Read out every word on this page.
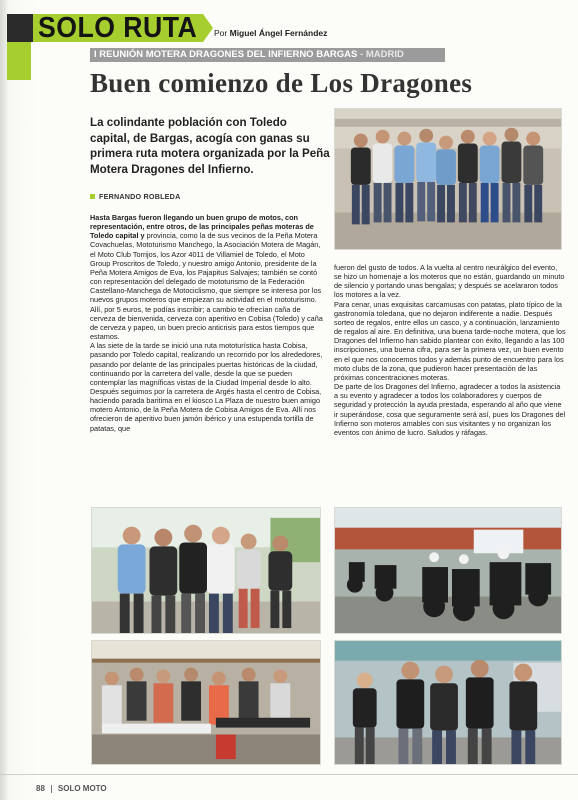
SOLO RUTA Por Miguel Ángel Fernández
I REUNIÓN MOTERA DRAGONES DEL INFIERNO BARGAS - MADRID
Buen comienzo de Los Dragones
La colindante población con Toledo capital, de Bargas, acogía con ganas su primera ruta motera organizada por la Peña Motera Dragones del Infierno.
FERNANDO ROBLEDA

Hasta Bargas fueron llegando un buen grupo de motos, con representación, entre otros, de las principales peñas moteras de Toledo capital y provincia, como la de sus vecinos de la Peña Motera Covachuelas, Mototurismo Manchego, la Asociación Motera de Magán, el Moto Club Torrijos, los Azor 4011 de Villamiel de Toledo, el Moto Group Proscritos de Toledo, y nuestro amigo Antonio, presidente de la Peña Motera Amigos de Eva, los Pajapitus Salvajes; también se contó con representación del delegado de mototurismo de la Federación Castellano-Manchega de Motociclismo, que siempre se interesa por los nuevos grupos moteros que empiezan su actividad en el mototurismo.

Allí, por 5 euros, te podías inscribir; a cambio te ofrecían caña de cerveza de bienvenida, cerveza con aperitivo en Cobisa (Toledo) y caña de cerveza y papeo, un buen precio anticrisis para estos tiempos que estamos.

A las siete de la tarde se inició una ruta mototurística hasta Cobisa, pasando por Toledo capital, realizando un recorrido por los alrededores, pasando por delante de las principales puertas históricas de la ciudad, continuando por la carretera del valle, desde la que se pueden contemplar las magníficas vistas de la Ciudad Imperial desde lo alto. Después seguimos por la carretera de Argés hasta el centro de Cobisa, haciendo parada baritima en el kiosco La Plaza de nuestro buen amigo motero Antonio, de la Peña Motera de Cobisa Amigos de Eva. Allí nos ofrecieron de aperitivo buen jamón ibérico y una estupenda tortilla de patatas, que

fueron del gusto de todos. A la vuelta al centro neurálgico del evento, se hizo un homenaje a los moteros que no están, guardando un minuto de silencio y portando unas bengalas; y después se acelararon todos los motores a la vez.

Para cenar, unas exquisitas carcamusas con patatas, plato típico de la gastronomía toledana, que no dejaron indiferente a nadie. Después sorteo de regalos, entre ellos un casco, y a continuación, lanzamiento de regalos al aire. En definitiva, una buena tarde-noche motera, que los Dragones del Infierno han sabido plantear con éxito, llegando a las 100 inscripciones, una buena cifra, para ser la primera vez, un buen evento en el que nos conocemos todos y además punto de encuentro para los moto clubs de la zona, que pudieron hacer presentación de las próximas concentraciones moteras.

De parte de los Dragones del Infierno, agradecer a todos la asistencia a su evento y agradecer a todos los colaboradores y cuerpos de seguridad y protección la ayuda prestada, esperando al año que viene ir superándose, cosa que seguramente será así, pues los Dragones del Infierno son moteros amables con sus visitantes y no organizan los eventos con ánimo de lucro. Saludos y ráfagas.

88 SOLO MOTO
